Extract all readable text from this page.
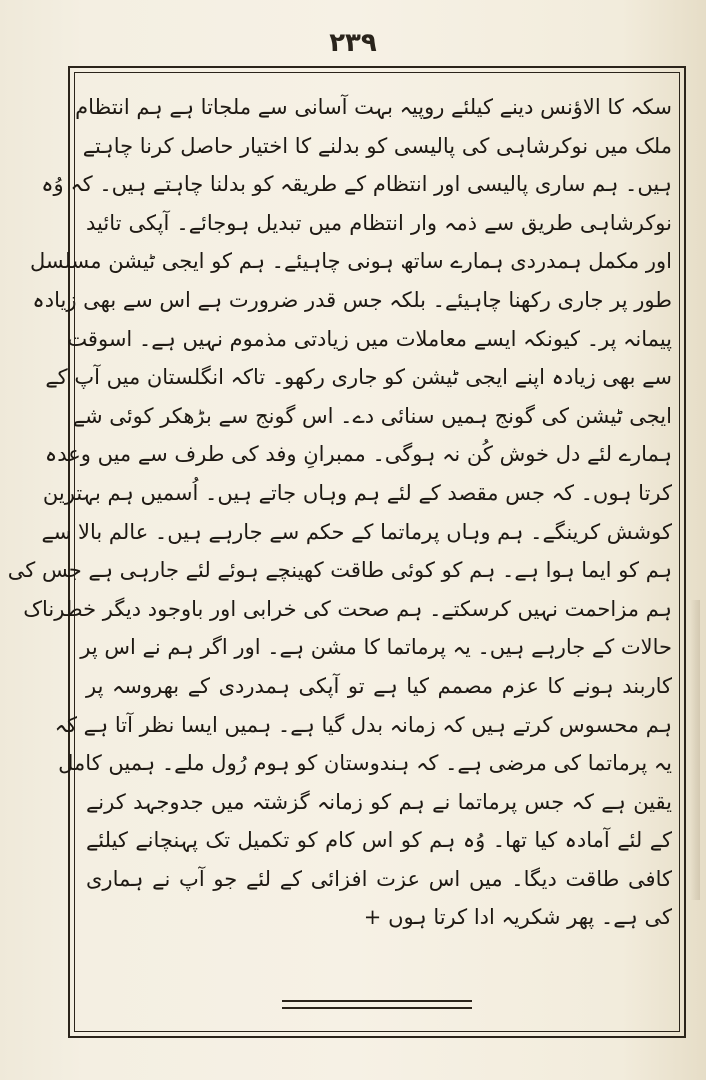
۲۳۹
سکہ کا الاؤنس دینے کیلئے روپیہ بہت آسانی سے ملجاتا ہے ہم انتظام
ملک میں نوکرشاہی کی پالیسی کو بدلنے کا اختیار حاصل کرنا چاہتے
ہیں۔ ہم ساری پالیسی اور انتظام کے طریقہ کو بدلنا چاہتے ہیں۔ کہ وُہ
نوکرشاہی طریق سے ذمہ وار انتظام میں تبدیل ہوجائے۔ آپکی تائید
اور مکمل ہمدردی ہمارے ساتھ ہونی چاہیئے۔ ہم کو ایجی ٹیشن مسلسل
طور پر جاری رکھنا چاہیئے۔ بلکہ جس قدر ضرورت ہے اس سے بھی زیادہ
پیمانہ پر۔ کیونکہ ایسے معاملات میں زیادتی مذموم نہیں ہے۔ اسوقت
سے بھی زیادہ اپنے ایجی ٹیشن کو جاری رکھو۔ تاکہ انگلستان میں آپ کے
ایجی ٹیشن کی گونج ہمیں سنائی دے۔ اس گونج سے بڑھکر کوئی شے
ہمارے لئے دل خوش کُن نہ ہوگی۔ ممبرانِ وفد کی طرف سے میں وعدہ
کرتا ہوں۔ کہ جس مقصد کے لئے ہم وہاں جاتے ہیں۔ اُسمیں ہم بہترین
کوشش کرینگے۔ ہم وہاں پرماتما کے حکم سے جارہے ہیں۔ عالم بالا سے
ہم کو ایما ہوا ہے۔ ہم کو کوئی طاقت کھینچے ہوئے لئے جارہی ہے جس کی
ہم مزاحمت نہیں کرسکتے۔ ہم صحت کی خرابی اور باوجود دیگر خطرناک
حالات کے جارہے ہیں۔ یہ پرماتما کا مشن ہے۔ اور اگر ہم نے اس پر
کاربند ہونے کا عزم مصمم کیا ہے تو آپکی ہمدردی کے بھروسہ پر
ہم محسوس کرتے ہیں کہ زمانہ بدل گیا ہے۔ ہمیں ایسا نظر آتا ہے کہ
یہ پرماتما کی مرضی ہے۔ کہ ہندوستان کو ہوم رُول ملے۔ ہمیں کامل
یقین ہے کہ جس پرماتما نے ہم کو زمانہ گزشتہ میں جدوجہد کرنے
کے لئے آمادہ کیا تھا۔ وُہ ہم کو اس کام کو تکمیل تک پہنچانے کیلئے
کافی طاقت دیگا۔ میں اس عزت افزائی کے لئے جو آپ نے ہماری
کی ہے۔ پھر شکریہ ادا کرتا ہوں +
